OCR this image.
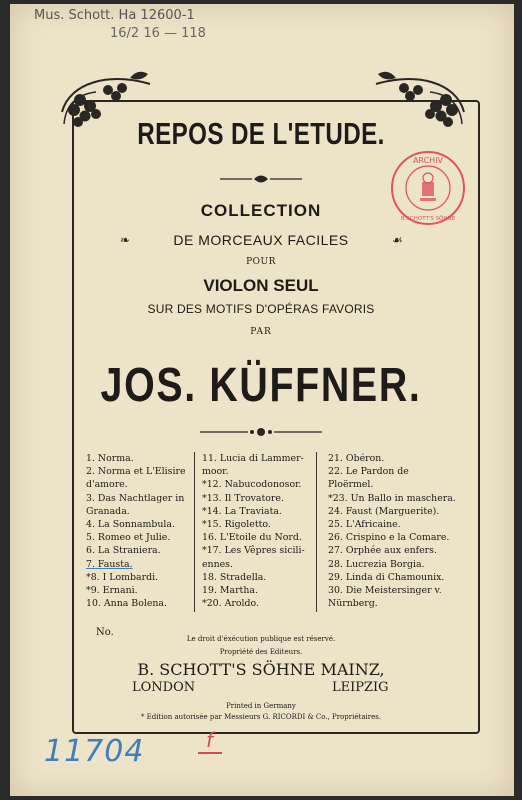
Mus. Schott. Ha 12600-1
16/2 16 — 118
ARCHIV
B.SCHOTT'S SÖHNE
REPOS DE L'ETUDE.
COLLECTION
DE MORCEAUX FACILES
❧	☙
POUR
VIOLON SEUL
SUR DES MOTIFS D'OPÉRAS FAVORIS
PAR
JOS. KÜFFNER.
1. Norma.
2. Norma et L'Elisire
d'amore.
3. Das Nachtlager in
Granada.
4. La Sonnambula.
5. Romeo et Julie.
6. La Straniera.
7. Fausta.
*8. I Lombardi.
*9. Ernani.
10. Anna Bolena.
11. Lucia di Lammer-
moor.
*12. Nabucodonosor.
*13. Il Trovatore.
*14. La Traviata.
*15. Rigoletto.
16. L'Etoile du Nord.
*17. Les Vêpres sicili-
ennes.
18. Stradella.
19. Martha.
*20. Aroldo.
21. Obéron.
22. Le Pardon de
Ploërmel.
*23. Un Ballo in maschera.
24. Faust (Marguerite).
25. L'Africaine.
26. Crispino e la Comare.
27. Orphée aux enfers.
28. Lucrezia Borgia.
29. Linda di Chamounix.
30. Die Meistersinger v.
Nürnberg.
No.
Le droit d'éxécution publique est réservé.
Propriété des Editeurs.
B. SCHOTT'S SÖHNE MAINZ,
LONDON	LEIPZIG
Printed in Germany
* Edition autorisée par Messieurs G. RICORDI & Co., Propriétaires.
11704	f
